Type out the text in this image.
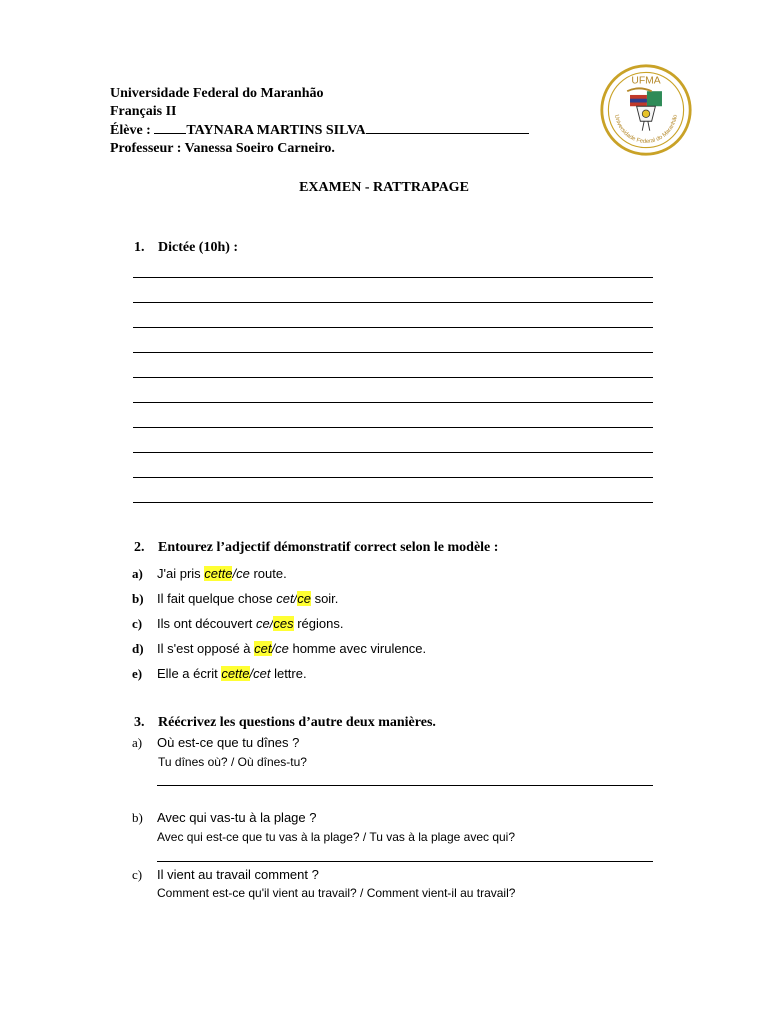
Universidade Federal do Maranhão
Français II
Élève :	TAYNARA MARTINS SILVA
Professeur : Vanessa Soeiro Carneiro.
UFMA
Universidade Federal do Maranhão
EXAMEN - RATTRAPAGE
1. Dictée (10h) :
2. Entourez l’adjectif démonstratif correct selon le modèle :
a) J'ai pris cette/ce route.
b) Il fait quelque chose cet/ce soir.
c) Ils ont découvert ce/ces régions.
d) Il s'est opposé à cet/ce homme avec virulence.
e) Elle a écrit cette/cet lettre.
3. Réécrivez les questions d’autre deux manières.
a) Où est-ce que tu dînes ?
Tu dînes où? / Où dînes-tu?
b) Avec qui vas-tu à la plage ?
Avec qui est-ce que tu vas à la plage? / Tu vas à la plage avec qui?
c) Il vient au travail comment ?
Comment est-ce qu'il vient au travail? / Comment vient-il au travail?
